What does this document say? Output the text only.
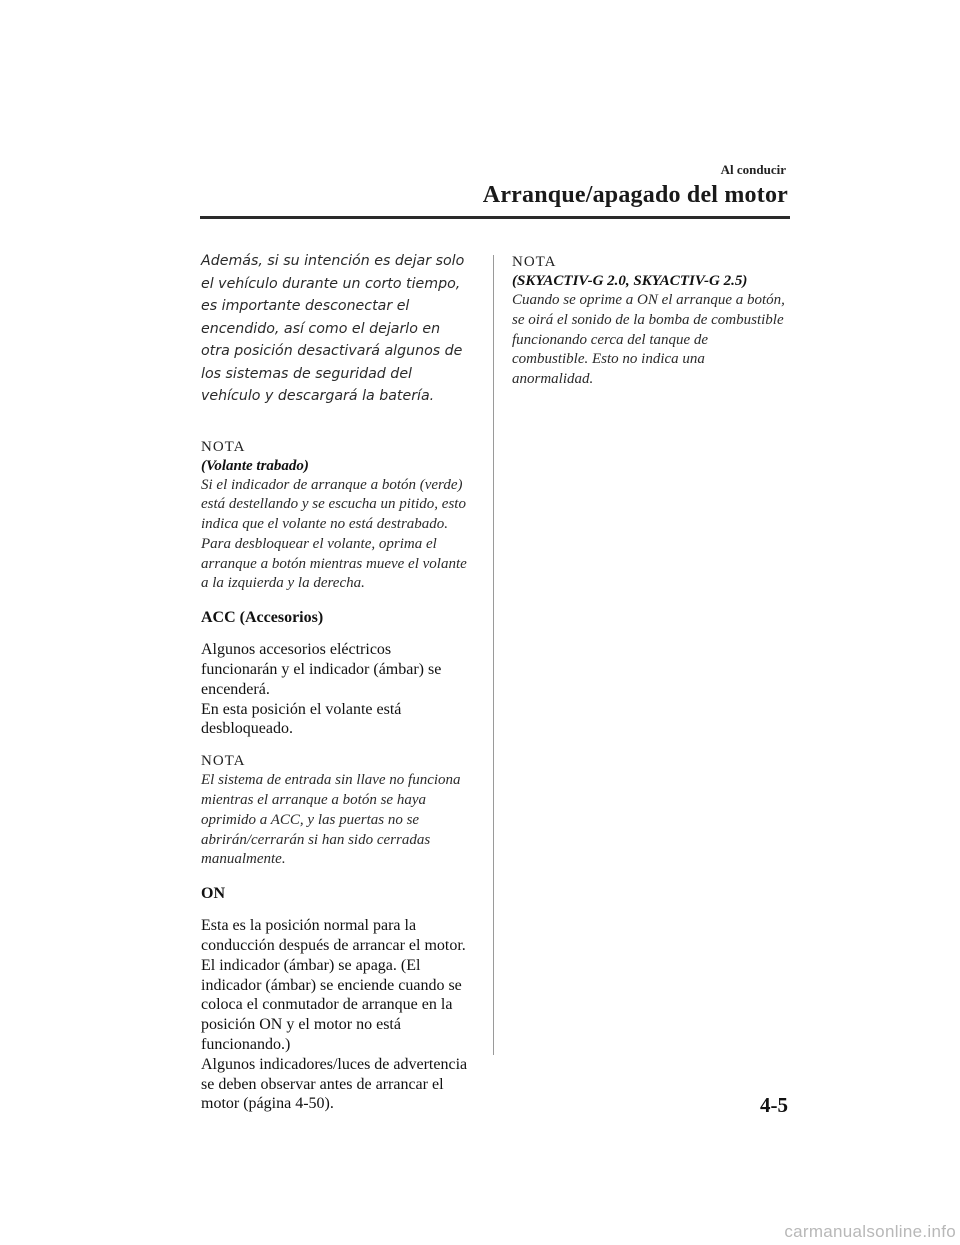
Al conducir
Arranque/apagado del motor

Además, si su intención es dejar solo el vehículo durante un corto tiempo, es importante desconectar el encendido, así como el dejarlo en otra posición desactivará algunos de los sistemas de seguridad del vehículo y descargará la batería.

NOTA
(Volante trabado)
Si el indicador de arranque a botón (verde) está destellando y se escucha un pitido, esto indica que el volante no está destrabado. Para desbloquear el volante, oprima el arranque a botón mientras mueve el volante a la izquierda y la derecha.
ACC (Accesorios)
Algunos accesorios eléctricos funcionarán y el indicador (ámbar) se encenderá.
En esta posición el volante está desbloqueado.
NOTA
El sistema de entrada sin llave no funciona mientras el arranque a botón se haya oprimido a ACC, y las puertas no se abrirán/cerrarán si han sido cerradas manualmente.
ON
Esta es la posición normal para la conducción después de arrancar el motor. El indicador (ámbar) se apaga. (El indicador (ámbar) se enciende cuando se coloca el conmutador de arranque en la posición ON y el motor no está funcionando.)
Algunos indicadores/luces de advertencia se deben observar antes de arrancar el motor (página 4-50).
NOTA
(SKYACTIV-G 2.0, SKYACTIV-G 2.5)
Cuando se oprime a ON el arranque a botón, se oirá el sonido de la bomba de combustible funcionando cerca del tanque de combustible. Esto no indica una anormalidad.
4-5
carmanualsonline.info
